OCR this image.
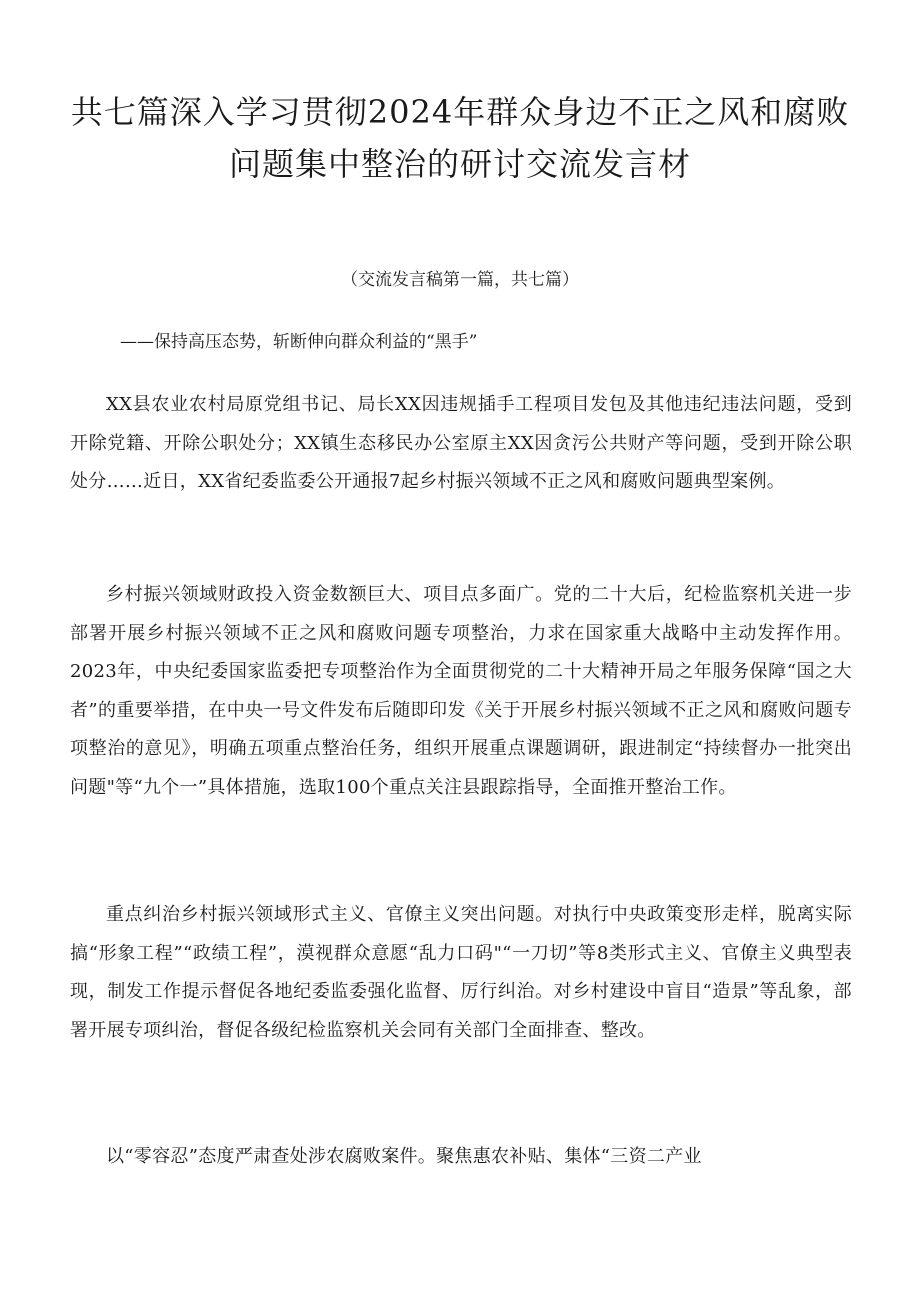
共七篇深入学习贯彻2024年群众身边不正之风和腐败问题集中整治的研讨交流发言材

（交流发言稿第一篇，共七篇）

——保持高压态势，斩断伸向群众利益的“黑手”

XX县农业农村局原党组书记、局长XX因违规插手工程项目发包及其他违纪违法问题，受到开除党籍、开除公职处分；XX镇生态移民办公室原主XX因贪污公共财产等问题，受到开除公职处分……近日，XX省纪委监委公开通报7起乡村振兴领域不正之风和腐败问题典型案例。

乡村振兴领域财政投入资金数额巨大、项目点多面广。党的二十大后，纪检监察机关进一步部署开展乡村振兴领域不正之风和腐败问题专项整治，力求在国家重大战略中主动发挥作用。2023年，中央纪委国家监委把专项整治作为全面贯彻党的二十大精神开局之年服务保障“国之大者”的重要举措，在中央一号文件发布后随即印发《关于开展乡村振兴领域不正之风和腐败问题专项整治的意见》，明确五项重点整治任务，组织开展重点课题调研，跟进制定“持续督办一批突出问题"等“九个一”具体措施，选取100个重点关注县跟踪指导，全面推开整治工作。

重点纠治乡村振兴领域形式主义、官僚主义突出问题。对执行中央政策变形走样，脱离实际搞“形象工程”“政绩工程”，漠视群众意愿“乱力口码"“一刀切”等8类形式主义、官僚主义典型表现，制发工作提示督促各地纪委监委强化监督、厉行纠治。对乡村建设中盲目“造景”等乱象，部署开展专项纠治，督促各级纪检监察机关会同有关部门全面排查、整改。

以“零容忍”态度严肃查处涉农腐败案件。聚焦惠农补贴、集体“三资二产业
